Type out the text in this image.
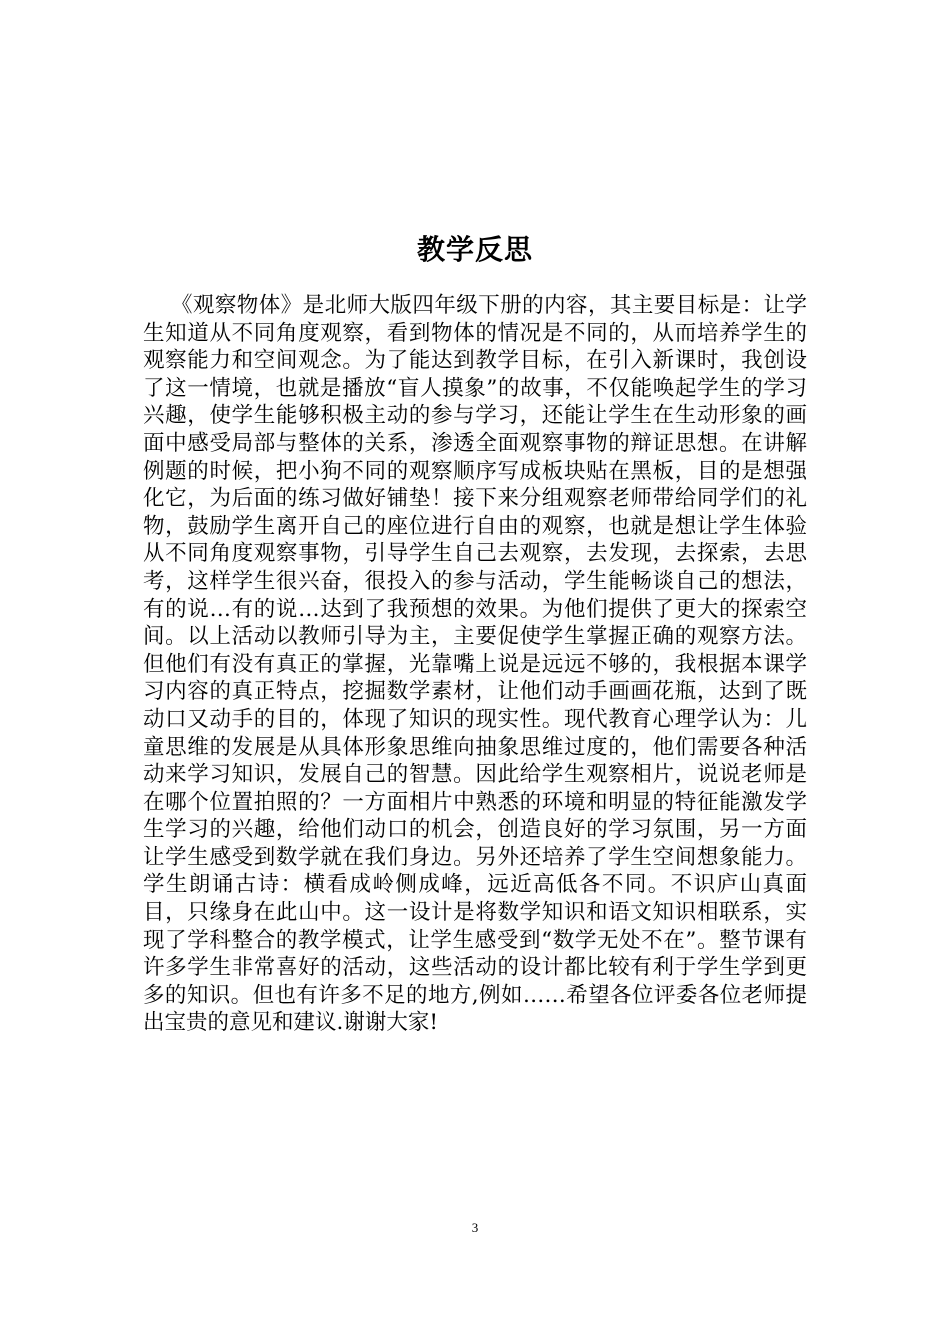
教学反思

《观察物体》是北师大版四年级下册的内容，其主要目标是：让学生知道从不同角度观察，看到物体的情况是不同的，从而培养学生的观察能力和空间观念。为了能达到教学目标，在引入新课时，我创设了这一情境，也就是播放“盲人摸象”的故事，不仅能唤起学生的学习兴趣，使学生能够积极主动的参与学习，还能让学生在生动形象的画面中感受局部与整体的关系，渗透全面观察事物的辩证思想。在讲解例题的时候，把小狗不同的观察顺序写成板块贴在黑板，目的是想强化它，为后面的练习做好铺垫！接下来分组观察老师带给同学们的礼物，鼓励学生离开自己的座位进行自由的观察，也就是想让学生体验从不同角度观察事物，引导学生自己去观察，去发现，去探索，去思考，这样学生很兴奋，很投入的参与活动，学生能畅谈自己的想法，有的说…有的说…达到了我预想的效果。为他们提供了更大的探索空间。以上活动以教师引导为主，主要促使学生掌握正确的观察方法。但他们有没有真正的掌握，光靠嘴上说是远远不够的，我根据本课学习内容的真正特点，挖掘数学素材，让他们动手画画花瓶，达到了既动口又动手的目的，体现了知识的现实性。现代教育心理学认为：儿童思维的发展是从具体形象思维向抽象思维过度的，他们需要各种活动来学习知识，发展自己的智慧。因此给学生观察相片，说说老师是在哪个位置拍照的？一方面相片中熟悉的环境和明显的特征能激发学生学习的兴趣，给他们动口的机会，创造良好的学习氛围，另一方面让学生感受到数学就在我们身边。另外还培养了学生空间想象能力。学生朗诵古诗：横看成岭侧成峰，远近高低各不同。不识庐山真面目，只缘身在此山中。这一设计是将数学知识和语文知识相联系，实现了学科整合的教学模式，让学生感受到“数学无处不在”。整节课有许多学生非常喜好的活动，这些活动的设计都比较有利于学生学到更多的知识。但也有许多不足的地方,例如……希望各位评委各位老师提出宝贵的意见和建议.谢谢大家!

3
